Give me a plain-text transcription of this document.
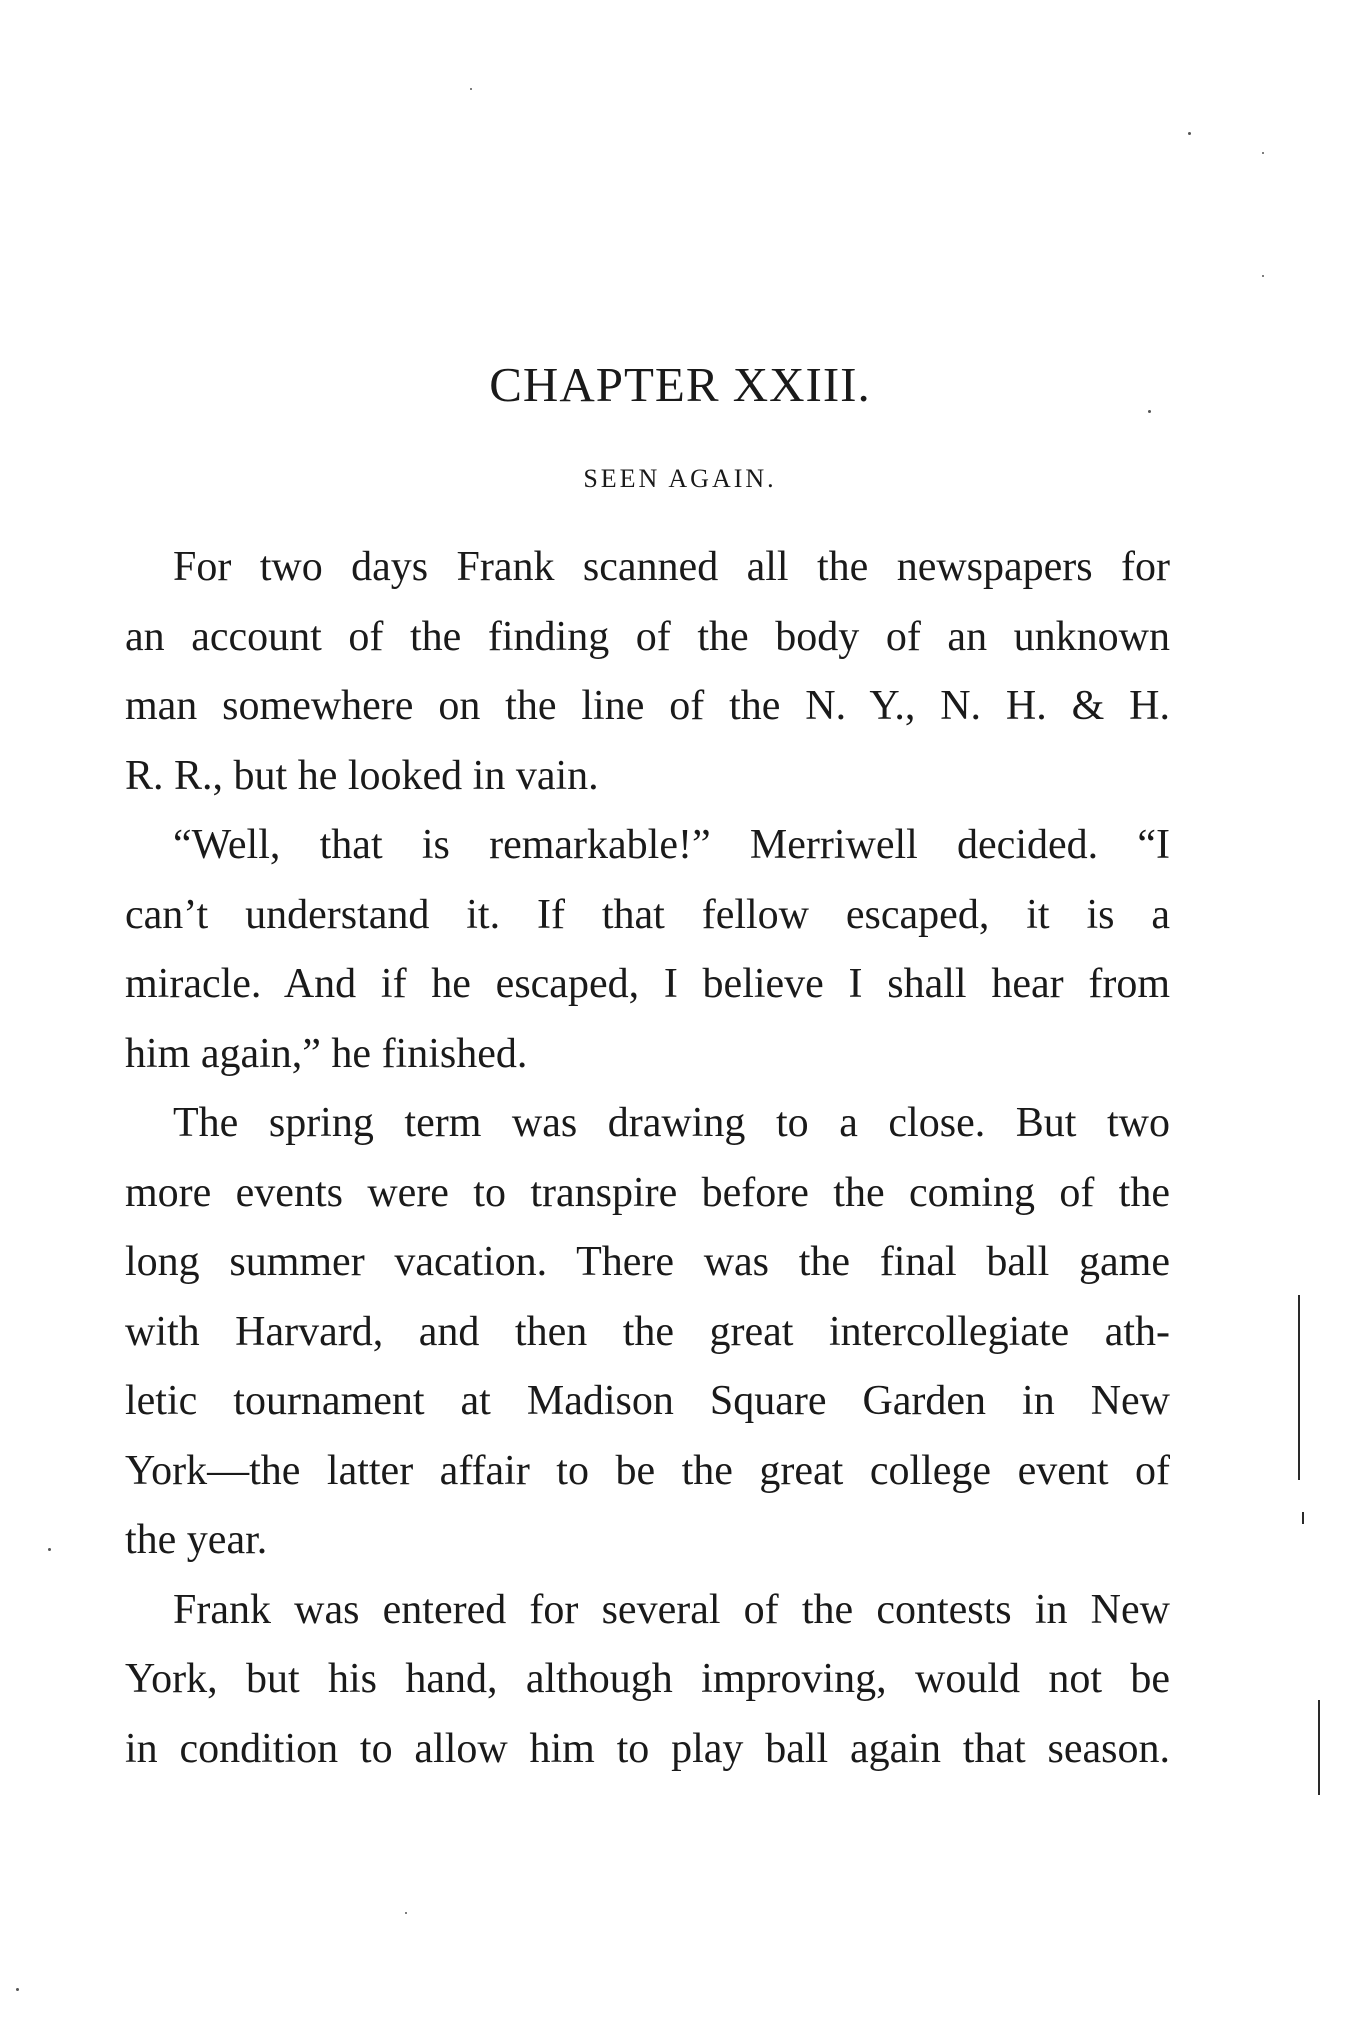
CHAPTER XXIII.
SEEN AGAIN.
For two days Frank scanned all the newspapers for
an account of the finding of the body of an unknown
man somewhere on the line of the N. Y., N. H. & H.
R. R., but he looked in vain.
“Well, that is remarkable!” Merriwell decided. “I
can’t understand it. If that fellow escaped, it is a
miracle. And if he escaped, I believe I shall hear from
him again,” he finished.
The spring term was drawing to a close. But two
more events were to transpire before the coming of the
long summer vacation. There was the final ball game
with Harvard, and then the great intercollegiate ath-
letic tournament at Madison Square Garden in New
York—the latter affair to be the great college event of
the year.
Frank was entered for several of the contests in New
York, but his hand, although improving, would not be
in condition to allow him to play ball again that season.
